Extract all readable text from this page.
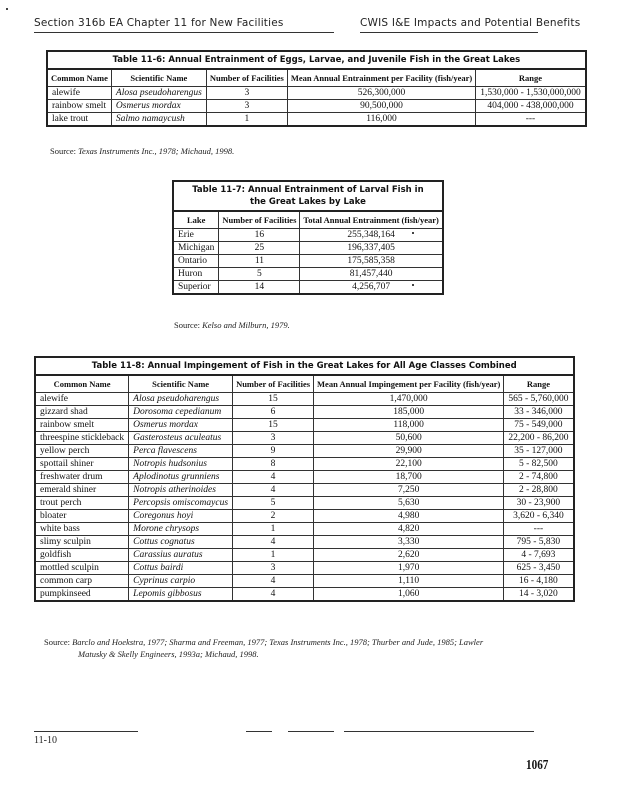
Section 316b EA Chapter 11 for New Facilities	CWIS I&E Impacts and Potential Benefits
Table 11-6: Annual Entrainment of Eggs, Larvae, and Juvenile Fish in the Great Lakes				
Common Name	Scientific Name	Number of Facilities	Mean Annual Entrainment per Facility (fish/year)	Range
alewife	Alosa pseudoharengus	3	526,300,000	1,530,000 - 1,530,000,000
rainbow smelt	Osmerus mordax	3	90,500,000	404,000 - 438,000,000
lake trout	Salmo namaycush	1	116,000	---
Source: Texas Instruments Inc., 1978; Michaud, 1998.
Table 11-7: Annual Entrainment of Larval Fish in
the Great Lakes by Lake		
Lake	Number of Facilities	Total Annual Entrainment (fish/year)
Erie	16	255,348,164
Michigan	25	196,337,405
Ontario	11	175,585,358
Huron	5	81,457,440
Superior	14	4,256,707
Source: Kelso and Milburn, 1979.
Table 11-8: Annual Impingement of Fish in the Great Lakes for All Age Classes Combined				
Common Name	Scientific Name	Number of Facilities	Mean Annual Impingement per Facility (fish/year)	Range
alewife	Alosa pseudoharengus	15	1,470,000	565 - 5,760,000
gizzard shad	Dorosoma cepedianum	6	185,000	33 - 346,000
rainbow smelt	Osmerus mordax	15	118,000	75 - 549,000
threespine stickleback	Gasterosteus aculeatus	3	50,600	22,200 - 86,200
yellow perch	Perca flavescens	9	29,900	35 - 127,000
spottail shiner	Notropis hudsonius	8	22,100	5 - 82,500
freshwater drum	Aplodinotus grunniens	4	18,700	2 - 74,800
emerald shiner	Notropis atherinoides	4	7,250	2 - 28,800
trout perch	Percopsis omiscomaycus	5	5,630	30 - 23,900
bloater	Coregonus hoyi	2	4,980	3,620 - 6,340
white bass	Morone chrysops	1	4,820	---
slimy sculpin	Cottus cognatus	4	3,330	795 - 5,830
goldfish	Carassius auratus	1	2,620	4 - 7,693
mottled sculpin	Cottus bairdi	3	1,970	625 - 3,450
common carp	Cyprinus carpio	4	1,110	16 - 4,180
pumpkinseed	Lepomis gibbosus	4	1,060	14 - 3,020
Source: Barclo and Hoekstra, 1977; Sharma and Freeman, 1977; Texas Instruments Inc., 1978; Thurber and Jude, 1985; Lawler
Matusky & Skelly Engineers, 1993a; Michaud, 1998.
11-10
1067
